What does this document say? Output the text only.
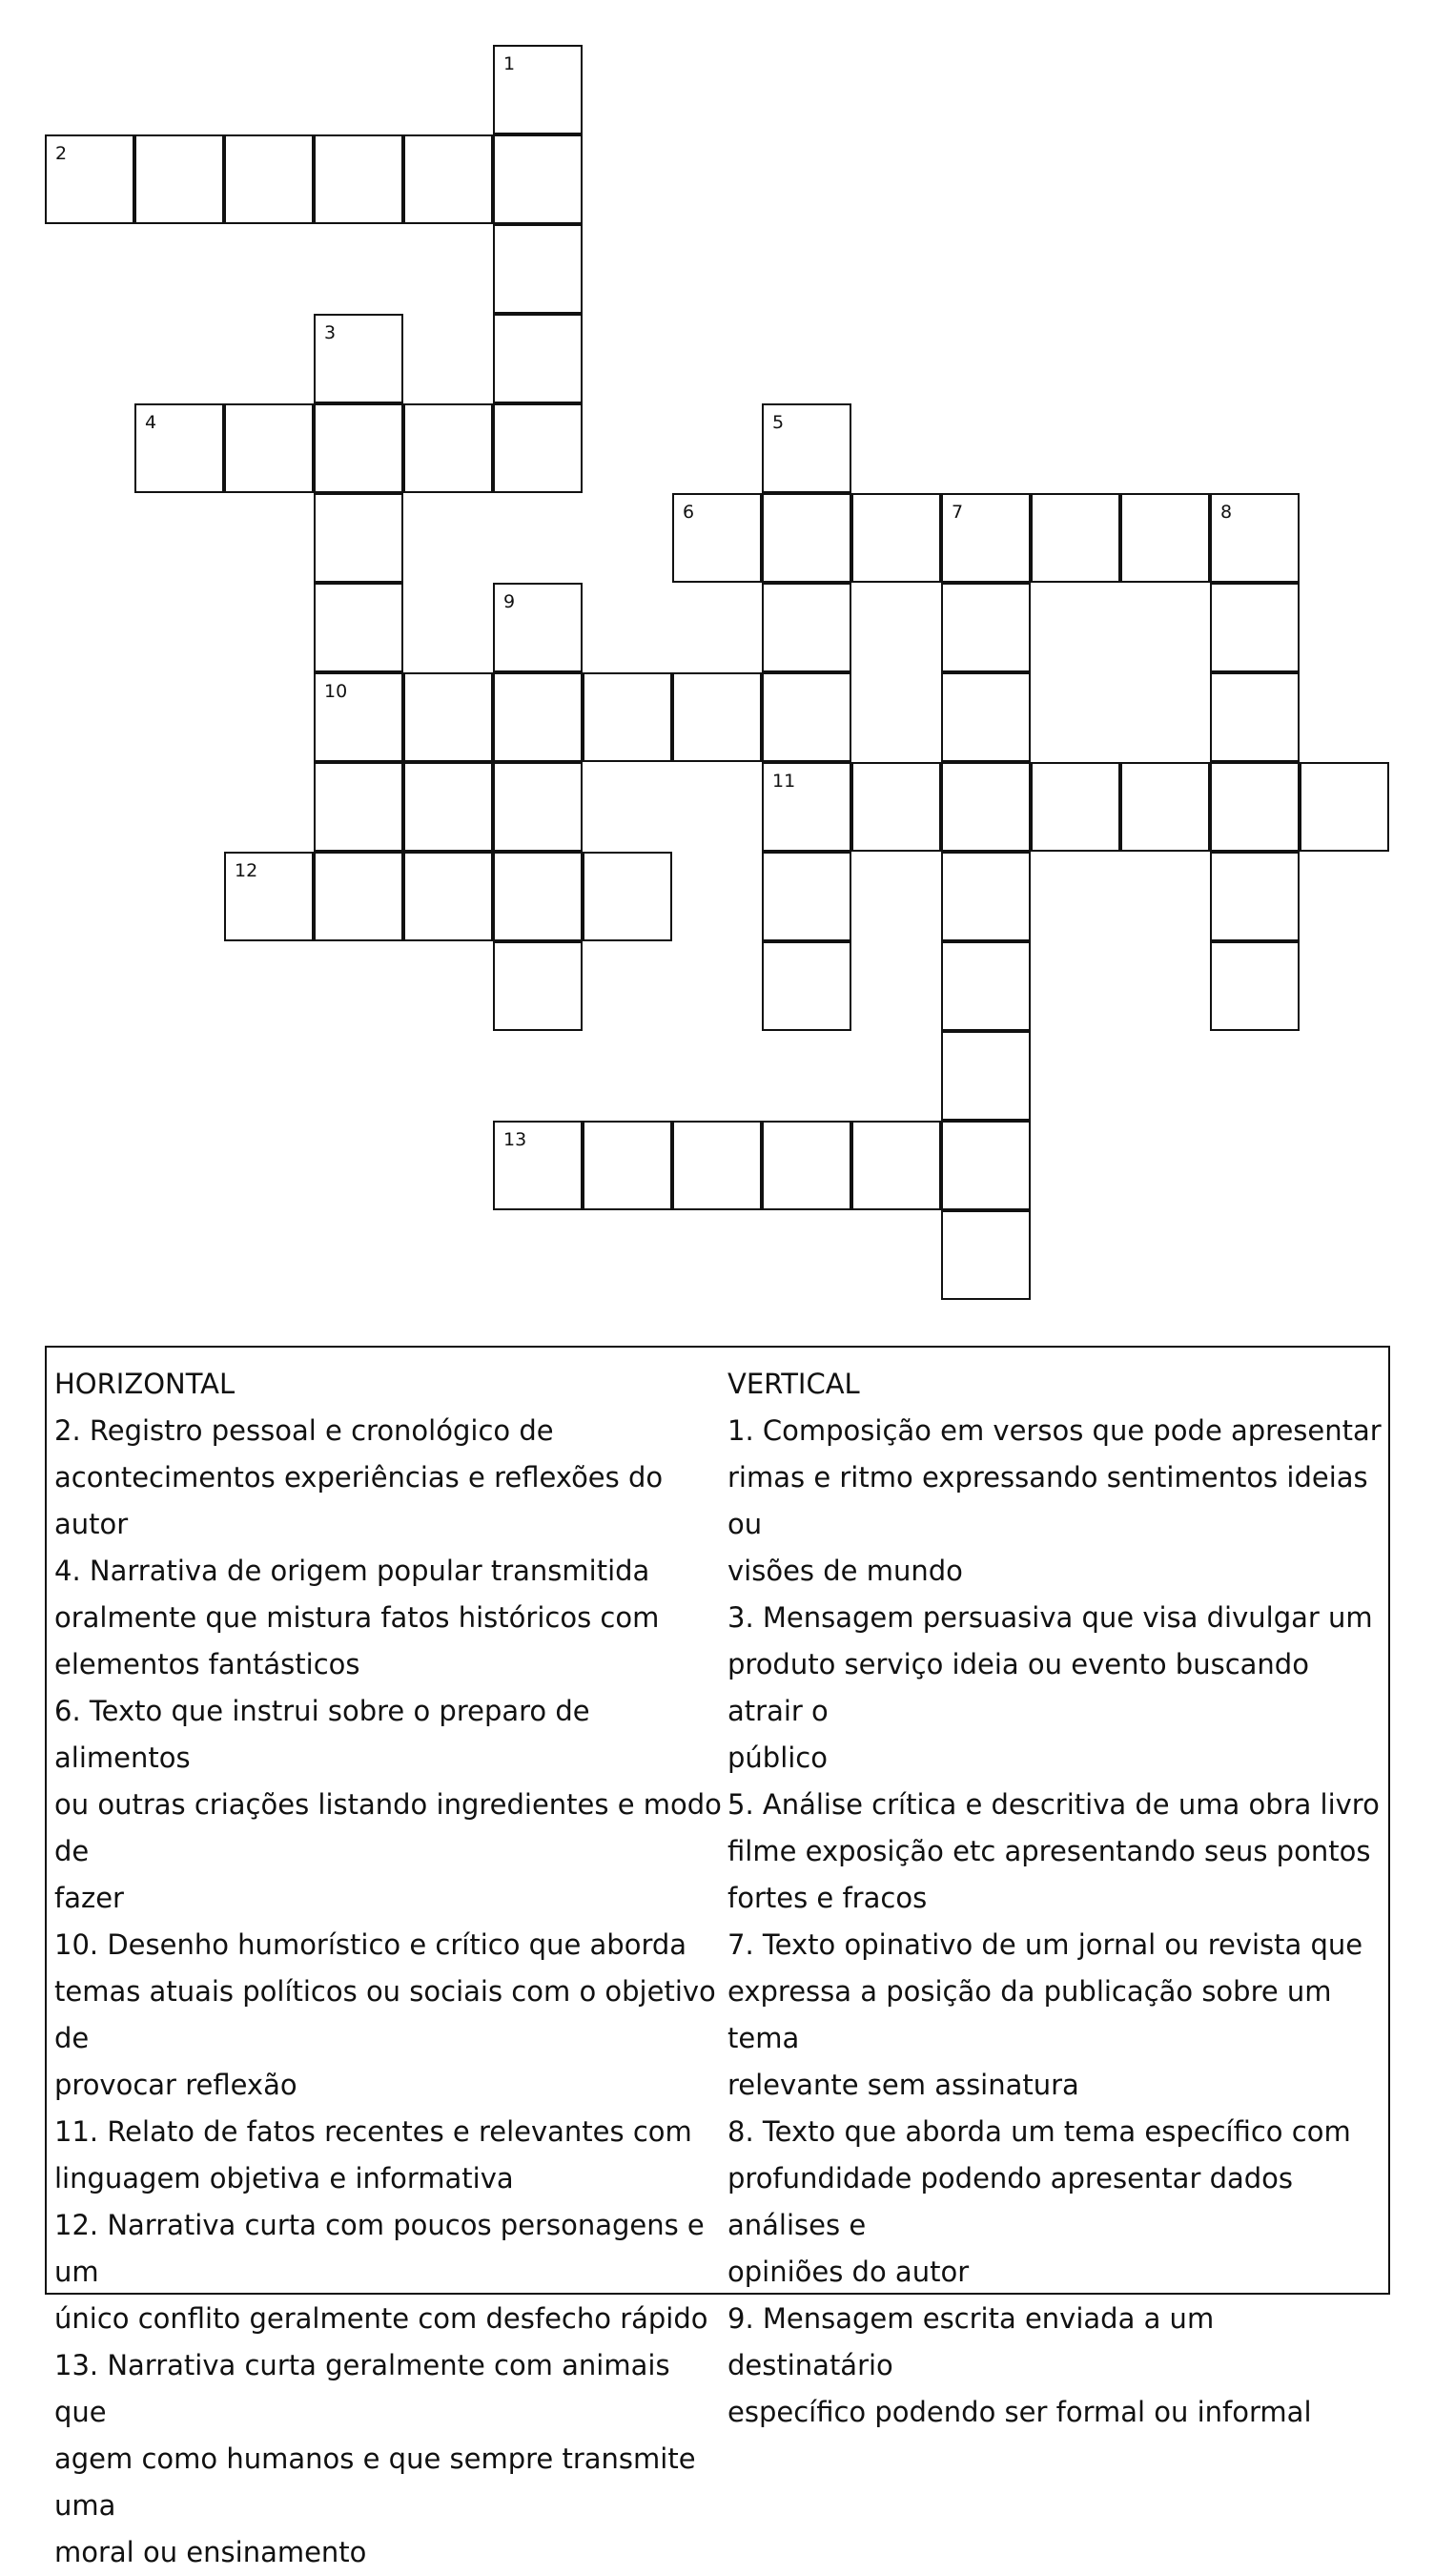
1
2
3
4	5
6	7	8
9
10
11
12
13

HORIZONTAL

2. Registro pessoal e cronológico de

acontecimentos experiências e reflexões do autor

4. Narrativa de origem popular transmitida

oralmente que mistura fatos históricos com

elementos fantásticos

6. Texto que instrui sobre o preparo de alimentos

ou outras criações listando ingredientes e modo de

fazer

10. Desenho humorístico e crítico que aborda

temas atuais políticos ou sociais com o objetivo de

provocar reflexão

11. Relato de fatos recentes e relevantes com

linguagem objetiva e informativa

12. Narrativa curta com poucos personagens e um

único conflito geralmente com desfecho rápido

13. Narrativa curta geralmente com animais que

agem como humanos e que sempre transmite uma

moral ou ensinamento

VERTICAL

1. Composição em versos que pode apresentar

rimas e ritmo expressando sentimentos ideias ou

visões de mundo

3. Mensagem persuasiva que visa divulgar um

produto serviço ideia ou evento buscando atrair o

público

5. Análise crítica e descritiva de uma obra livro

filme exposição etc apresentando seus pontos

fortes e fracos

7. Texto opinativo de um jornal ou revista que

expressa a posição da publicação sobre um tema

relevante sem assinatura

8. Texto que aborda um tema específico com

profundidade podendo apresentar dados análises e

opiniões do autor

9. Mensagem escrita enviada a um destinatário

específico podendo ser formal ou informal
